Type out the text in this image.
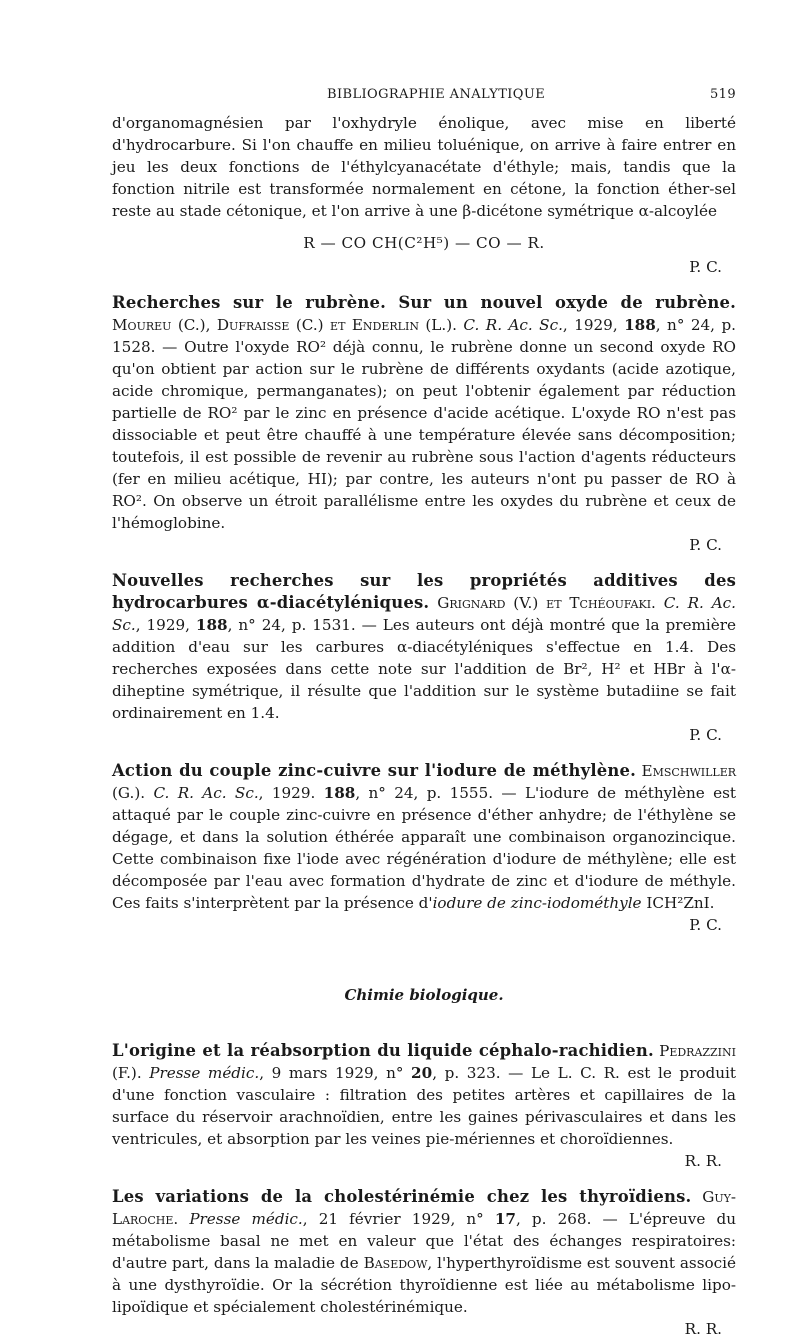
BIBLIOGRAPHIE ANALYTIQUE	519

d'organomagnésien par l'oxhydryle énolique, avec mise en liberté d'hydrocarbure. Si l'on chauffe en milieu toluénique, on arrive à faire entrer en jeu les deux fonctions de l'éthylcyanacétate d'éthyle; mais, tandis que la fonction nitrile est transformée normalement en cétone, la fonction éther-sel reste au stade cétonique, et l'on arrive à une β-dicétone symétrique α-alcoylée

R — CO CH(C²H⁵) — CO — R.
P. C.

Recherches sur le rubrène. Sur un nouvel oxyde de rubrène. Moureu (C.), Dufraisse (C.) et Enderlin (L.). C. R. Ac. Sc., 1929, 188, n° 24, p. 1528. — Outre l'oxyde RO² déjà connu, le rubrène donne un second oxyde RO qu'on obtient par action sur le rubrène de différents oxydants (acide azotique, acide chromique, permanganates); on peut l'obtenir également par réduction partielle de RO² par le zinc en présence d'acide acétique. L'oxyde RO n'est pas dissociable et peut être chauffé à une température élevée sans décomposition; toutefois, il est possible de revenir au rubrène sous l'action d'agents réducteurs (fer en milieu acétique, HI); par contre, les auteurs n'ont pu passer de RO à RO². On observe un étroit parallélisme entre les oxydes du rubrène et ceux de l'hémoglobine.

P. C.

Nouvelles recherches sur les propriétés additives des hydrocarbures α-diacétyléniques. Grignard (V.) et Tchéoufaki. C. R. Ac. Sc., 1929, 188, n° 24, p. 1531. — Les auteurs ont déjà montré que la première addition d'eau sur les carbures α-diacétyléniques s'effectue en 1.4. Des recherches exposées dans cette note sur l'addition de Br², H² et HBr à l'α-diheptine symétrique, il résulte que l'addition sur le système butadiine se fait ordinairement en 1.4.

P. C.

Action du couple zinc-cuivre sur l'iodure de méthylène. Emschwiller (G.). C. R. Ac. Sc., 1929. 188, n° 24, p. 1555. — L'iodure de méthylène est attaqué par le couple zinc-cuivre en présence d'éther anhydre; de l'éthylène se dégage, et dans la solution éthérée apparaît une combinaison organozincique. Cette combinaison fixe l'iode avec régénération d'iodure de méthylène; elle est décomposée par l'eau avec formation d'hydrate de zinc et d'iodure de méthyle. Ces faits s'interprètent par la présence d'iodure de zinc-iodométhyle ICH²ZnI.

P. C.
Chimie biologique.

L'origine et la réabsorption du liquide céphalo-rachidien. Pedrazzini (F.). Presse médic., 9 mars 1929, n° 20, p. 323. — Le L. C. R. est le produit d'une fonction vasculaire : filtration des petites artères et capillaires de la surface du réservoir arachnoïdien, entre les gaines périvasculaires et dans les ventricules, et absorption par les veines pie-mériennes et choroïdiennes.

R. R.

Les variations de la cholestérinémie chez les thyroïdiens. Guy-Laroche. Presse médic., 21 février 1929, n° 17, p. 268. — L'épreuve du métabolisme basal ne met en valeur que l'état des échanges respiratoires: d'autre part, dans la maladie de Basedow, l'hyperthyroïdisme est souvent associé à une dysthyroïdie. Or la sécrétion thyroïdienne est liée au métabolisme lipo-lipoïdique et spécialement cholestérinémique.

R. R.
